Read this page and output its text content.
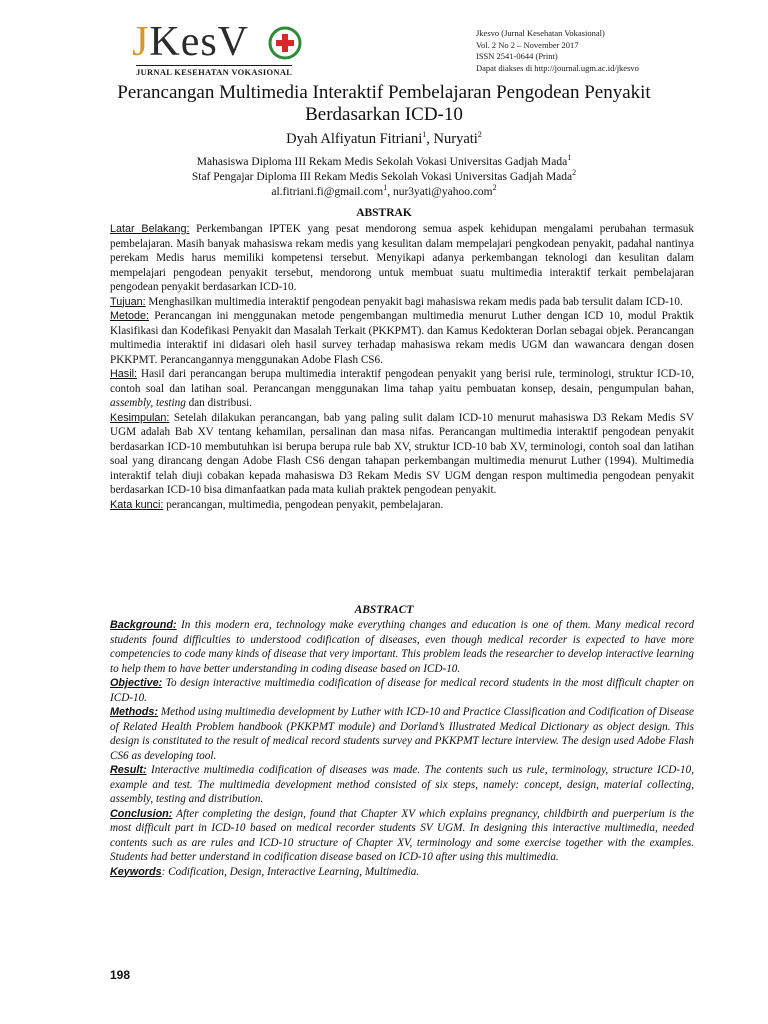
JKesV
JURNAL KESEHATAN VOKASIONAL
Jkesvo (Jurnal Kesehatan Vokasional)
Vol. 2 No 2 – November 2017
ISSN 2541-0644 (Print)
Dapat diakses di http://journal.ugm.ac.id/jkesvo
Perancangan Multimedia Interaktif Pembelajaran Pengodean Penyakit Berdasarkan ICD-10
Dyah Alfiyatun Fitriani$^1$, Nuryati$^2$
Mahasiswa Diploma III Rekam Medis Sekolah Vokasi Universitas Gadjah Mada$^1$
Staf Pengajar Diploma III Rekam Medis Sekolah Vokasi Universitas Gadjah Mada$^2$
al.fitriani.fi@gmail.com$^1$, nur3yati@yahoo.com$^2$
ABSTRAK

Latar Belakang: Perkembangan IPTEK yang pesat mendorong semua aspek kehidupan mengalami perubahan termasuk pembelajaran. Masih banyak mahasiswa rekam medis yang kesulitan dalam mempelajari pengkodean penyakit, padahal nantinya perekam Medis harus memiliki kompetensi tersebut. Menyikapi adanya perkembangan teknologi dan kesulitan dalam mempelajari pengodean penyakit tersebut, mendorong untuk membuat suatu multimedia interaktif terkait pembelajaran pengodean penyakit berdasarkan ICD-10.

Tujuan: Menghasilkan multimedia interaktif pengodean penyakit bagi mahasiswa rekam medis pada bab tersulit dalam ICD-10.

Metode: Perancangan ini menggunakan metode pengembangan multimedia menurut Luther dengan ICD 10, modul Praktik Klasifikasi dan Kodefikasi Penyakit dan Masalah Terkait (PKKPMT). dan Kamus Kedokteran Dorlan sebagai objek. Perancangan multimedia interaktif ini didasari oleh hasil survey terhadap mahasiswa rekam medis UGM dan wawancara dengan dosen PKKPMT. Perancangannya menggunakan Adobe Flash CS6.

Hasil: Hasil dari perancangan berupa multimedia interaktif pengodean penyakit yang berisi rule, terminologi, struktur ICD-10, contoh soal dan latihan soal. Perancangan menggunakan lima tahap yaitu pembuatan konsep, desain, pengumpulan bahan, assembly, testing dan distribusi.

Kesimpulan: Setelah dilakukan perancangan, bab yang paling sulit dalam ICD-10 menurut mahasiswa D3 Rekam Medis SV UGM adalah Bab XV tentang kehamilan, persalinan dan masa nifas. Perancangan multimedia interaktif pengodean penyakit berdasarkan ICD-10 membutuhkan isi berupa berupa rule bab XV, struktur ICD-10 bab XV, terminologi, contoh soal dan latihan soal yang dirancang dengan Adobe Flash CS6 dengan tahapan perkembangan multimedia menurut Luther (1994). Multimedia interaktif telah diuji cobakan kepada mahasiswa D3 Rekam Medis SV UGM dengan respon multimedia pengodean penyakit berdasarkan ICD-10 bisa dimanfaatkan pada mata kuliah praktek pengodean penyakit.

Kata kunci: perancangan, multimedia, pengodean penyakit, pembelajaran.

ABSTRACT

Background: In this modern era, technology make everything changes and education is one of them. Many medical record students found difficulties to understood codification of diseases, even though medical recorder is expected to have more competencies to code many kinds of disease that very important. This problem leads the researcher to develop interactive learning to help them to have better understanding in coding disease based on ICD-10.

Objective: To design interactive multimedia codification of disease for medical record students in the most difficult chapter on ICD-10.

Methods: Method using multimedia development by Luther with ICD-10 and Practice Classification and Codification of Disease of Related Health Problem handbook (PKKPMT module) and Dorland’s Illustrated Medical Dictionary as object design. This design is constituted to the result of medical record students survey and PKKPMT lecture interview. The design used Adobe Flash CS6 as developing tool.

Result: Interactive multimedia codification of diseases was made. The contents such us rule, terminology, structure ICD-10, example and test. The multimedia development method consisted of six steps, namely: concept, design, material collecting, assembly, testing and distribution.

Conclusion: After completing the design, found that Chapter XV which explains pregnancy, childbirth and puerperium is the most difficult part in ICD-10 based on medical recorder students SV UGM. In designing this interactive multimedia, needed contents such as are rules and ICD-10 structure of Chapter XV, terminology and some exercise together with the examples. Students had better understand in codification disease based on ICD-10 after using this multimedia.

Keywords: Codification, Design, Interactive Learning, Multimedia.

198
